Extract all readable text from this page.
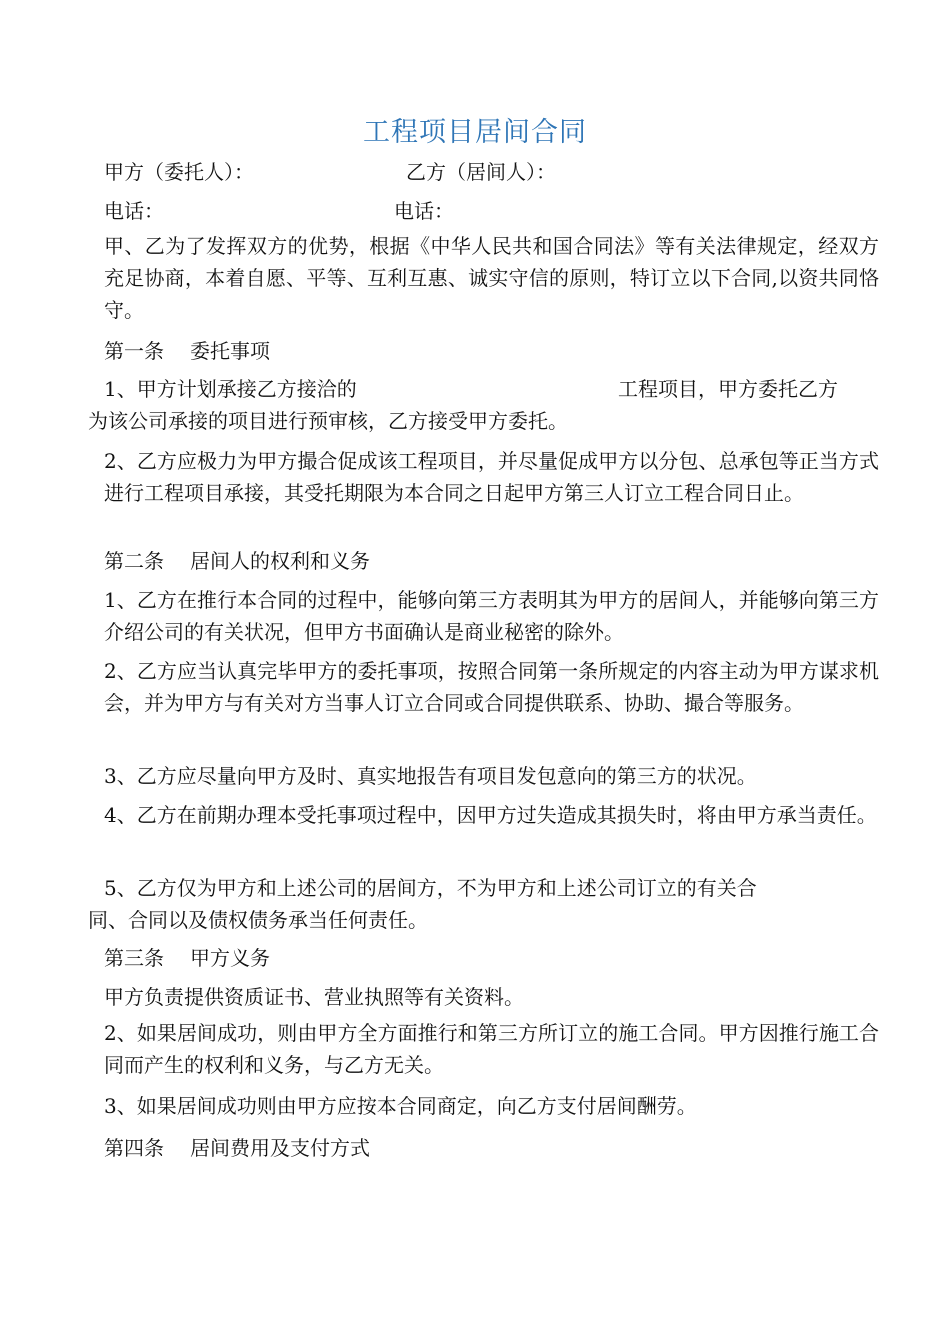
工程项目居间合同
甲方（委托人）：	乙方（居间人）：
电话：	电话：
甲、乙为了发挥双方的优势，根据《中华人民共和国合同法》等有关法律规定，经双方充足协商，本着自愿、平等、互利互惠、诚实守信的原则，特订立以下合同,以资共同恪守。
第一条 委托事项
1、甲方计划承接乙方接洽的	工程项目，甲方委托乙方
为该公司承接的项目进行预审核，乙方接受甲方委托。
2、乙方应极力为甲方撮合促成该工程项目，并尽量促成甲方以分包、总承包等正当方式进行工程项目承接，其受托期限为本合同之日起甲方第三人订立工程合同日止。
第二条 居间人的权利和义务
1、乙方在推行本合同的过程中，能够向第三方表明其为甲方的居间人，并能够向第三方介绍公司的有关状况，但甲方书面确认是商业秘密的除外。
2、乙方应当认真完毕甲方的委托事项，按照合同第一条所规定的内容主动为甲方谋求机会，并为甲方与有关对方当事人订立合同或合同提供联系、协助、撮合等服务。
3、乙方应尽量向甲方及时、真实地报告有项目发包意向的第三方的状况。
4、乙方在前期办理本受托事项过程中，因甲方过失造成其损失时，将由甲方承当责任。
5、乙方仅为甲方和上述公司的居间方，不为甲方和上述公司订立的有关合
同、合同以及债权债务承当任何责任。
第三条 甲方义务
甲方负责提供资质证书、营业执照等有关资料。
2、如果居间成功，则由甲方全方面推行和第三方所订立的施工合同。甲方因推行施工合同而产生的权利和义务，与乙方无关。
3、如果居间成功则由甲方应按本合同商定，向乙方支付居间酬劳。
第四条 居间费用及支付方式
